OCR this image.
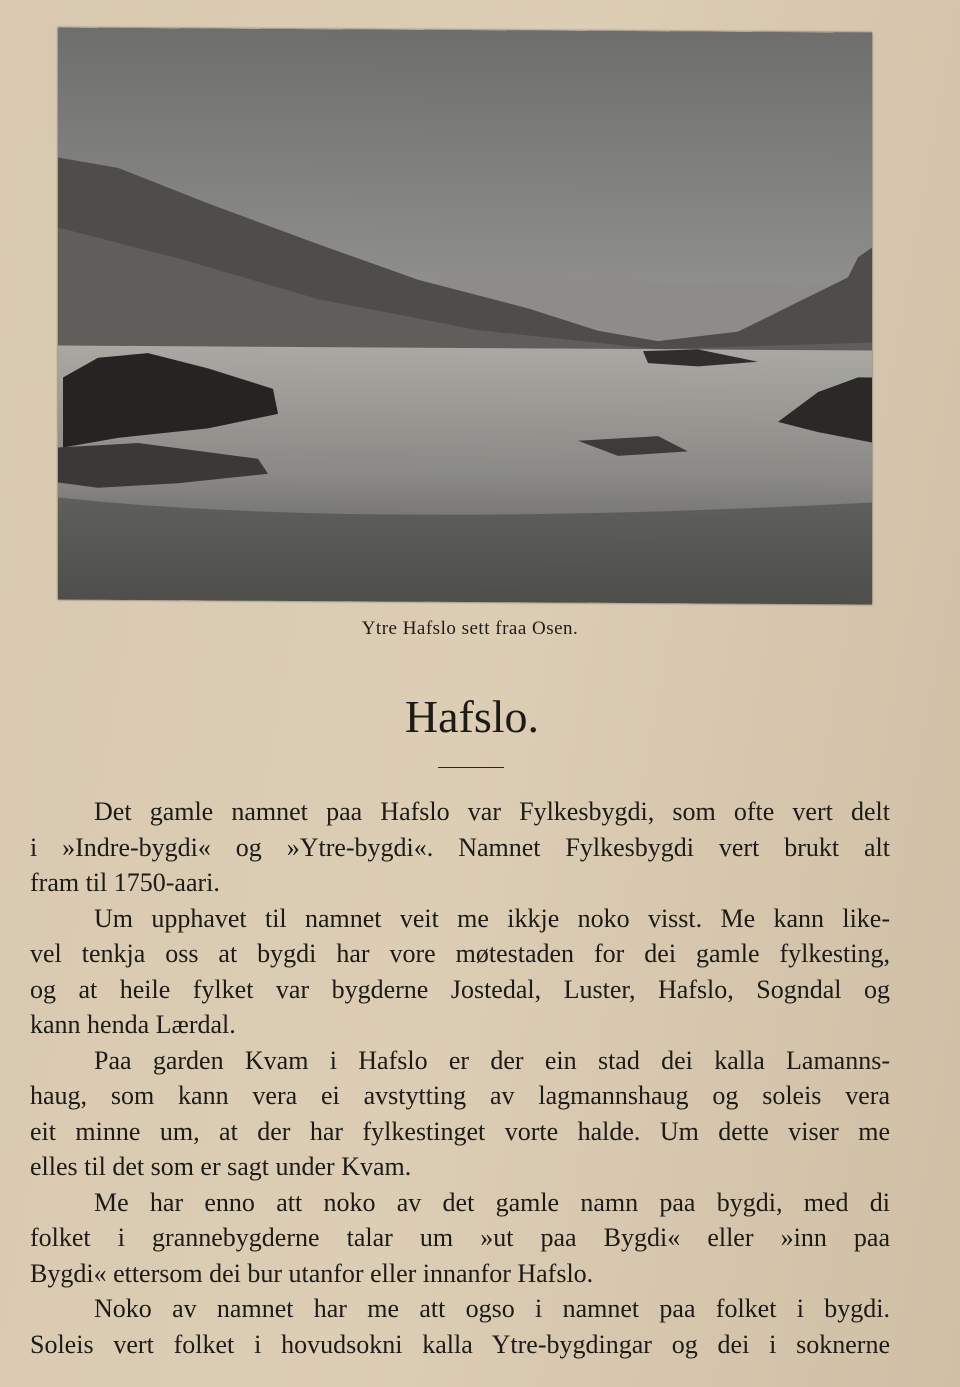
Ytre Hafslo sett fraa Osen.
Hafslo.
Det gamle namnet paa Hafslo var Fylkesbygdi, som ofte vert delt
i »Indre-bygdi« og »Ytre-bygdi«. Namnet Fylkesbygdi vert brukt alt
fram til 1750-aari.
Um upphavet til namnet veit me ikkje noko visst. Me kann like-
vel tenkja oss at bygdi har vore møtestaden for dei gamle fylkesting,
og at heile fylket var bygderne Jostedal, Luster, Hafslo, Sogndal og
kann henda Lærdal.
Paa garden Kvam i Hafslo er der ein stad dei kalla Lamanns-
haug, som kann vera ei avstytting av lagmannshaug og soleis vera
eit minne um, at der har fylkestinget vorte halde. Um dette viser me
elles til det som er sagt under Kvam.
Me har enno att noko av det gamle namn paa bygdi, med di
folket i grannebygderne talar um »ut paa Bygdi« eller »inn paa
Bygdi« ettersom dei bur utanfor eller innanfor Hafslo.
Noko av namnet har me att ogso i namnet paa folket i bygdi.
Soleis vert folket i hovudsokni kalla Ytre-bygdingar og dei i soknerne
